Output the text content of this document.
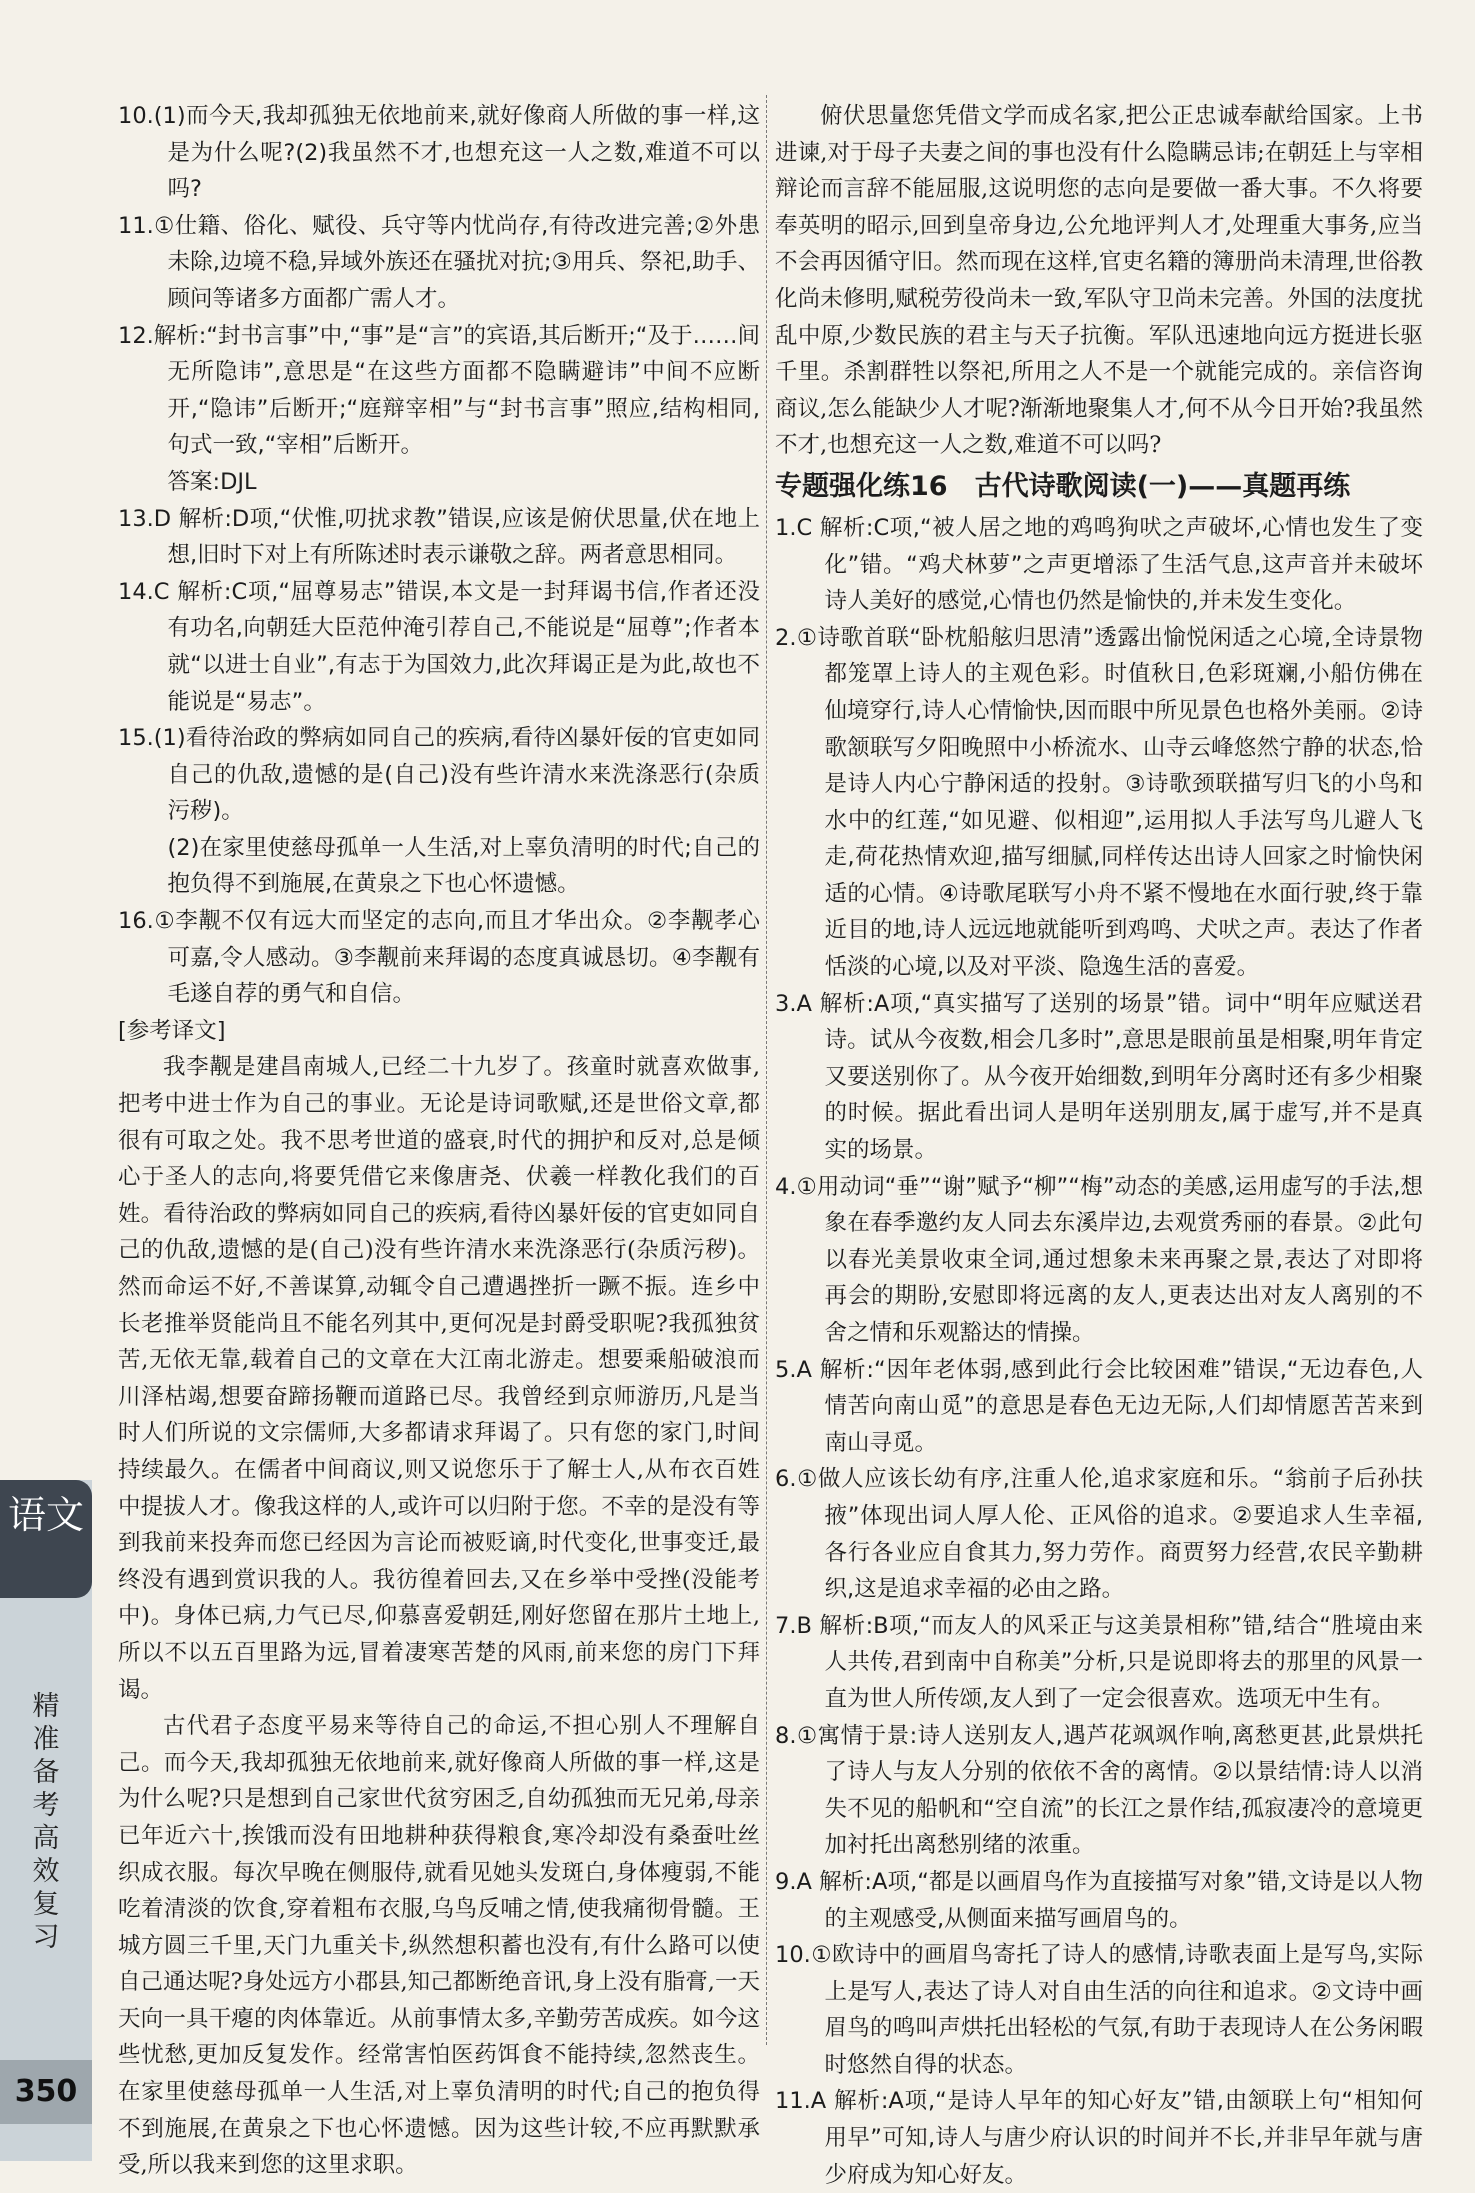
10.(1)而今天,我却孤独无依地前来,就好像商人所做的事一样,这是为什么呢?(2)我虽然不才,也想充这一人之数,难道不可以吗?

11.①仕籍、俗化、赋役、兵守等内忧尚存,有待改进完善;②外患未除,边境不稳,异域外族还在骚扰对抗;③用兵、祭祀,助手、顾问等诸多方面都广需人才。

12.解析:“封书言事”中,“事”是“言”的宾语,其后断开;“及于……间无所隐讳”,意思是“在这些方面都不隐瞒避讳”中间不应断开,“隐讳”后断开;“庭辩宰相”与“封书言事”照应,结构相同,句式一致,“宰相”后断开。

答案:DJL

13.D 解析:D项,“伏惟,叨扰求教”错误,应该是俯伏思量,伏在地上想,旧时下对上有所陈述时表示谦敬之辞。两者意思相同。

14.C 解析:C项,“屈尊易志”错误,本文是一封拜谒书信,作者还没有功名,向朝廷大臣范仲淹引荐自己,不能说是“屈尊”;作者本就“以进士自业”,有志于为国效力,此次拜谒正是为此,故也不能说是“易志”。

15.(1)看待治政的弊病如同自己的疾病,看待凶暴奸佞的官吏如同自己的仇敌,遗憾的是(自己)没有些许清水来洗涤恶行(杂质污秽)。

(2)在家里使慈母孤单一人生活,对上辜负清明的时代;自己的抱负得不到施展,在黄泉之下也心怀遗憾。

16.①李觏不仅有远大而坚定的志向,而且才华出众。②李觏孝心可嘉,令人感动。③李觏前来拜谒的态度真诚恳切。④李觏有毛遂自荐的勇气和自信。

[参考译文]

我李觏是建昌南城人,已经二十九岁了。孩童时就喜欢做事,把考中进士作为自己的事业。无论是诗词歌赋,还是世俗文章,都很有可取之处。我不思考世道的盛衰,时代的拥护和反对,总是倾心于圣人的志向,将要凭借它来像唐尧、伏羲一样教化我们的百姓。看待治政的弊病如同自己的疾病,看待凶暴奸佞的官吏如同自己的仇敌,遗憾的是(自己)没有些许清水来洗涤恶行(杂质污秽)。然而命运不好,不善谋算,动辄令自己遭遇挫折一蹶不振。连乡中长老推举贤能尚且不能名列其中,更何况是封爵受职呢?我孤独贫苦,无依无靠,载着自己的文章在大江南北游走。想要乘船破浪而川泽枯竭,想要奋蹄扬鞭而道路已尽。我曾经到京师游历,凡是当时人们所说的文宗儒师,大多都请求拜谒了。只有您的家门,时间持续最久。在儒者中间商议,则又说您乐于了解士人,从布衣百姓中提拔人才。像我这样的人,或许可以归附于您。不幸的是没有等到我前来投奔而您已经因为言论而被贬谪,时代变化,世事变迁,最终没有遇到赏识我的人。我彷徨着回去,又在乡举中受挫(没能考中)。身体已病,力气已尽,仰慕喜爱朝廷,刚好您留在那片土地上,所以不以五百里路为远,冒着凄寒苦楚的风雨,前来您的房门下拜谒。

古代君子态度平易来等待自己的命运,不担心别人不理解自己。而今天,我却孤独无依地前来,就好像商人所做的事一样,这是为什么呢?只是想到自己家世代贫穷困乏,自幼孤独而无兄弟,母亲已年近六十,挨饿而没有田地耕种获得粮食,寒冷却没有桑蚕吐丝织成衣服。每次早晚在侧服侍,就看见她头发斑白,身体瘦弱,不能吃着清淡的饮食,穿着粗布衣服,乌鸟反哺之情,使我痛彻骨髓。王城方圆三千里,天门九重关卡,纵然想积蓄也没有,有什么路可以使自己通达呢?身处远方小郡县,知己都断绝音讯,身上没有脂膏,一天天向一具干瘪的肉体靠近。从前事情太多,辛勤劳苦成疾。如今这些忧愁,更加反复发作。经常害怕医药饵食不能持续,忽然丧生。在家里使慈母孤单一人生活,对上辜负清明的时代;自己的抱负得不到施展,在黄泉之下也心怀遗憾。因为这些计较,不应再默默承受,所以我来到您的这里求职。

俯伏思量您凭借文学而成名家,把公正忠诚奉献给国家。上书进谏,对于母子夫妻之间的事也没有什么隐瞒忌讳;在朝廷上与宰相辩论而言辞不能屈服,这说明您的志向是要做一番大事。不久将要奉英明的昭示,回到皇帝身边,公允地评判人才,处理重大事务,应当不会再因循守旧。然而现在这样,官吏名籍的簿册尚未清理,世俗教化尚未修明,赋税劳役尚未一致,军队守卫尚未完善。外国的法度扰乱中原,少数民族的君主与天子抗衡。军队迅速地向远方挺进长驱千里。杀割群牲以祭祀,所用之人不是一个就能完成的。亲信咨询商议,怎么能缺少人才呢?渐渐地聚集人才,何不从今日开始?我虽然不才,也想充这一人之数,难道不可以吗?

专题强化练16　古代诗歌阅读(一)——真题再练

1.C 解析:C项,“被人居之地的鸡鸣狗吠之声破坏,心情也发生了变化”错。“鸡犬林萝”之声更增添了生活气息,这声音并未破坏诗人美好的感觉,心情也仍然是愉快的,并未发生变化。

2.①诗歌首联“卧枕船舷归思清”透露出愉悦闲适之心境,全诗景物都笼罩上诗人的主观色彩。时值秋日,色彩斑斓,小船仿佛在仙境穿行,诗人心情愉快,因而眼中所见景色也格外美丽。②诗歌颔联写夕阳晚照中小桥流水、山寺云峰悠然宁静的状态,恰是诗人内心宁静闲适的投射。③诗歌颈联描写归飞的小鸟和水中的红莲,“如见避、似相迎”,运用拟人手法写鸟儿避人飞走,荷花热情欢迎,描写细腻,同样传达出诗人回家之时愉快闲适的心情。④诗歌尾联写小舟不紧不慢地在水面行驶,终于靠近目的地,诗人远远地就能听到鸡鸣、犬吠之声。表达了作者恬淡的心境,以及对平淡、隐逸生活的喜爱。

3.A 解析:A项,“真实描写了送别的场景”错。词中“明年应赋送君诗。试从今夜数,相会几多时”,意思是眼前虽是相聚,明年肯定又要送别你了。从今夜开始细数,到明年分离时还有多少相聚的时候。据此看出词人是明年送别朋友,属于虚写,并不是真实的场景。

4.①用动词“垂”“谢”赋予“柳”“梅”动态的美感,运用虚写的手法,想象在春季邀约友人同去东溪岸边,去观赏秀丽的春景。②此句以春光美景收束全词,通过想象未来再聚之景,表达了对即将再会的期盼,安慰即将远离的友人,更表达出对友人离别的不舍之情和乐观豁达的情操。

5.A 解析:“因年老体弱,感到此行会比较困难”错误,“无边春色,人情苦向南山觅”的意思是春色无边无际,人们却情愿苦苦来到南山寻觅。

6.①做人应该长幼有序,注重人伦,追求家庭和乐。“翁前子后孙扶掖”体现出词人厚人伦、正风俗的追求。②要追求人生幸福,各行各业应自食其力,努力劳作。商贾努力经营,农民辛勤耕织,这是追求幸福的必由之路。

7.B 解析:B项,“而友人的风采正与这美景相称”错,结合“胜境由来人共传,君到南中自称美”分析,只是说即将去的那里的风景一直为世人所传颂,友人到了一定会很喜欢。选项无中生有。

8.①寓情于景:诗人送别友人,遇芦花飒飒作响,离愁更甚,此景烘托了诗人与友人分别的依依不舍的离情。②以景结情:诗人以消失不见的船帆和“空自流”的长江之景作结,孤寂凄冷的意境更加衬托出离愁别绪的浓重。

9.A 解析:A项,“都是以画眉鸟作为直接描写对象”错,文诗是以人物的主观感受,从侧面来描写画眉鸟的。

10.①欧诗中的画眉鸟寄托了诗人的感情,诗歌表面上是写鸟,实际上是写人,表达了诗人对自由生活的向往和追求。②文诗中画眉鸟的鸣叫声烘托出轻松的气氛,有助于表现诗人在公务闲暇时悠然自得的状态。

11.A 解析:A项,“是诗人早年的知心好友”错,由颔联上句“相知何用早”可知,诗人与唐少府认识的时间并不长,并非早年就与唐少府成为知心好友。

语文
精准备考 高效复习
350
